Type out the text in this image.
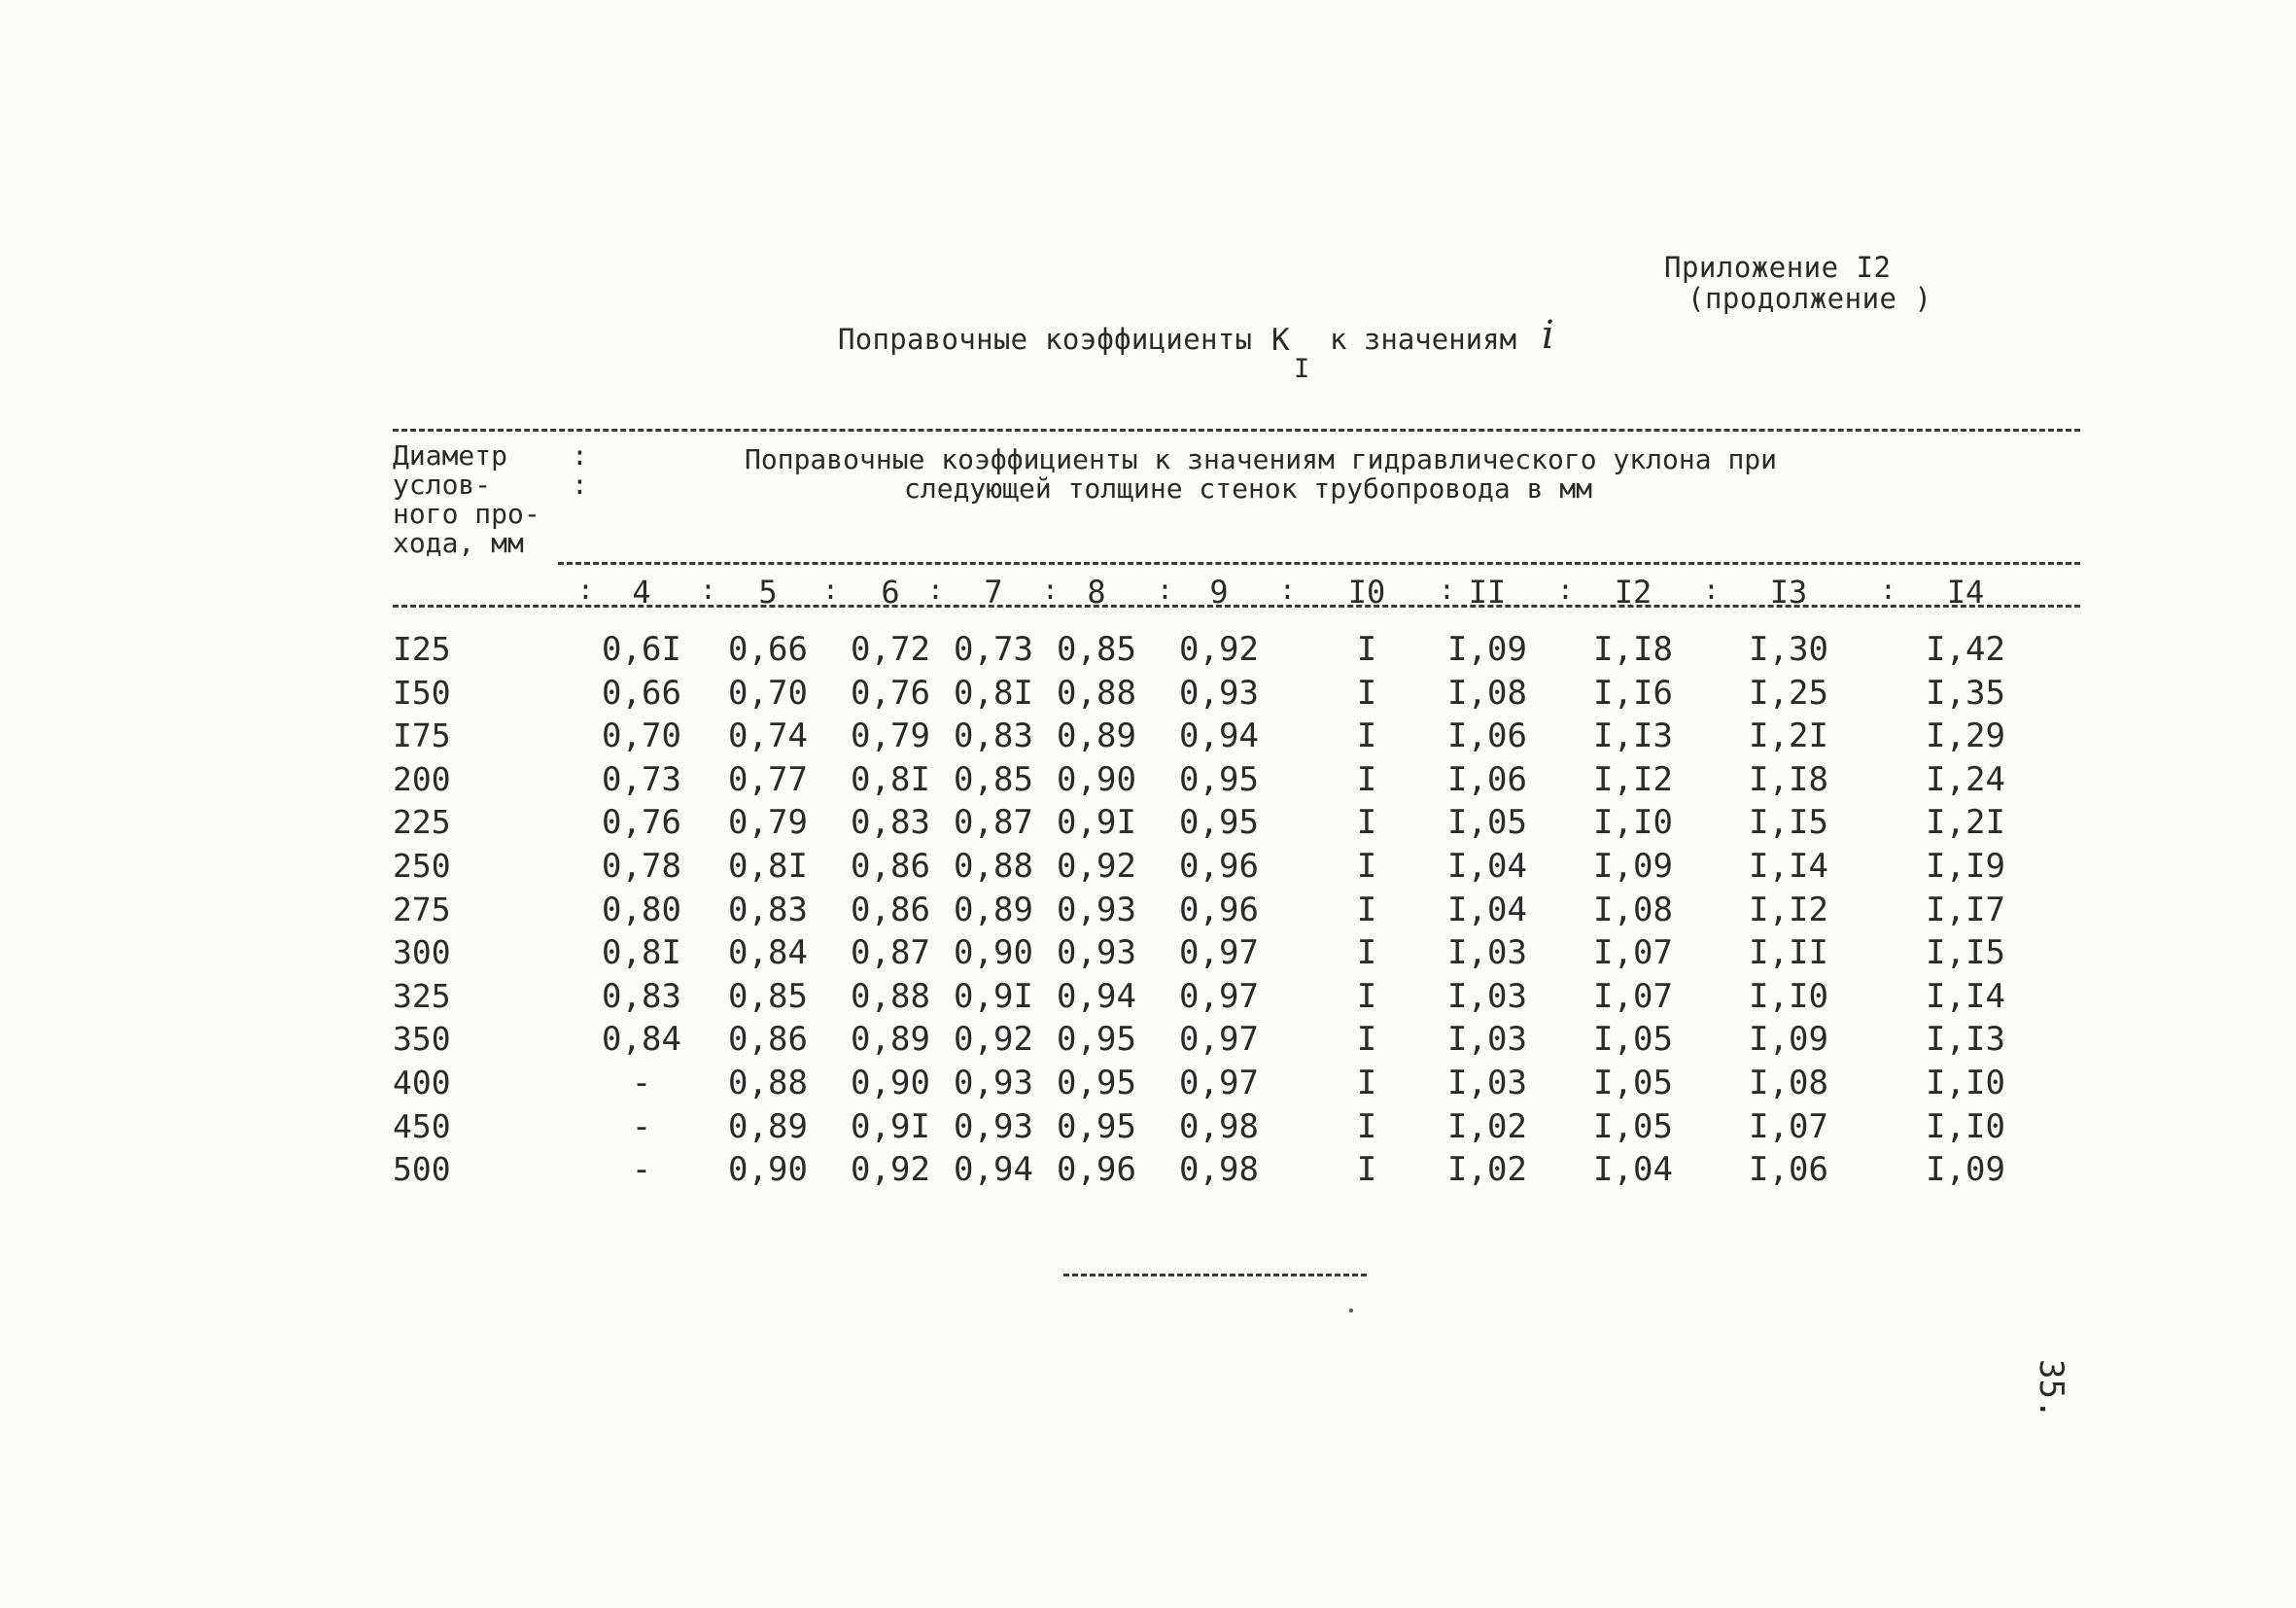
Приложение I2
(продолжение )
Поправочные коэффициенты К
I
к значениям i
Диаметр
услов-
ного про-
хода, мм
:
:
Поправочные коэффициенты к значениям гидравлического уклона при
следующей толщине стенок трубопровода в мм
:	:	:	:	:	:	:	:	:	:	:
4	5	6	7	8	9	I0	II	I2	I3	I4
I25	0,6I 0,66 0,72 0,73 0,85 0,92	I I,09 I,I8 I,30	I,42
I50	0,66 0,70 0,76 0,8I 0,88 0,93	I I,08 I,I6 I,25	I,35
I75	0,70 0,74 0,79 0,83 0,89 0,94	I I,06 I,I3 I,2I	I,29
200	0,73 0,77 0,8I 0,85 0,90 0,95	I I,06 I,I2 I,I8	I,24
225	0,76 0,79 0,83 0,87 0,9I 0,95	I I,05 I,I0 I,I5	I,2I
250	0,78 0,8I 0,86 0,88 0,92 0,96	I I,04 I,09 I,I4	I,I9
275	0,80 0,83 0,86 0,89 0,93 0,96	I I,04 I,08 I,I2	I,I7
300	0,8I 0,84 0,87 0,90 0,93 0,97	I I,03 I,07 I,II	I,I5
325	0,83 0,85 0,88 0,9I 0,94 0,97	I I,03 I,07 I,I0	I,I4
350	0,84 0,86 0,89 0,92 0,95 0,97	I I,03 I,05 I,09	I,I3
400	- 0,88 0,90 0,93 0,95 0,97	I I,03 I,05 I,08	I,I0
450	- 0,89 0,9I 0,93 0,95 0,98	I I,02 I,05 I,07	I,I0
500	- 0,90 0,92 0,94 0,96 0,98	I I,02 I,04 I,06	I,09
35.
